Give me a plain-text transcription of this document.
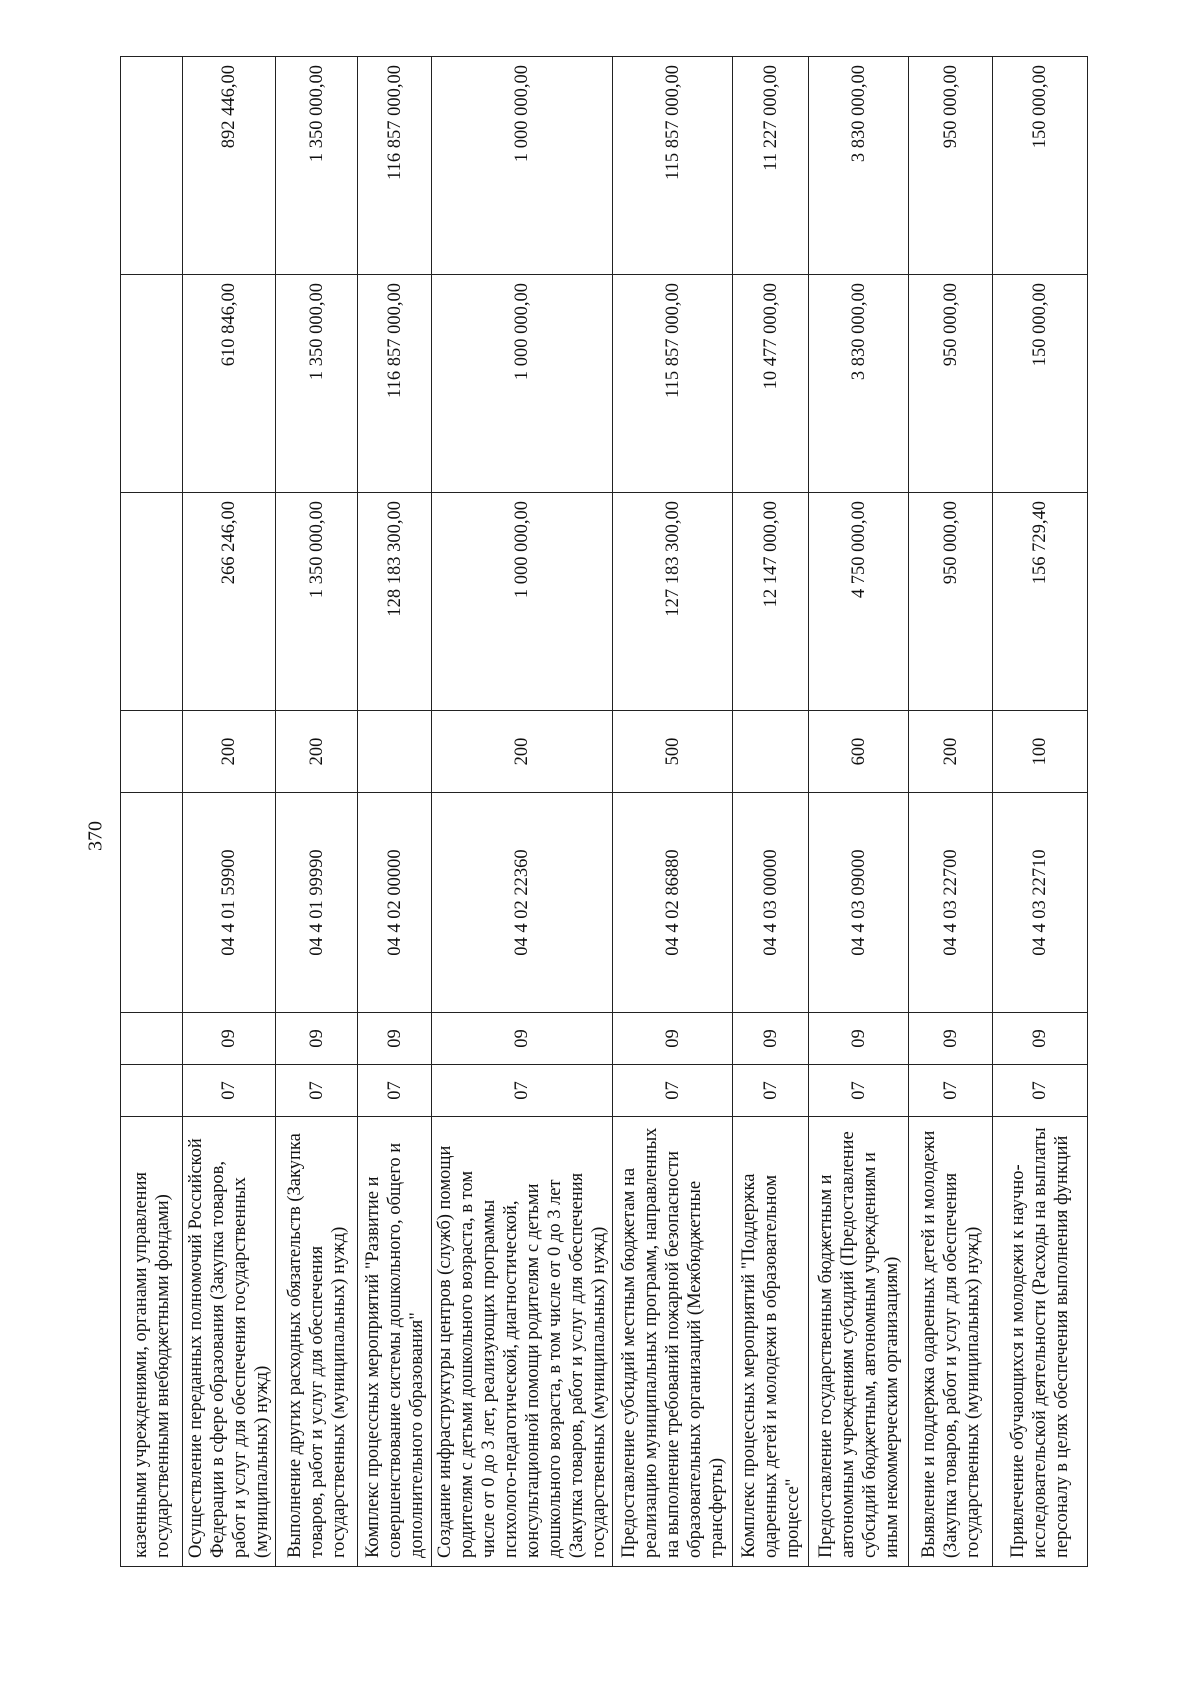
370
казенными учреждениями, органами управления государственными внебюджетными фондами)							
Осуществление переданных полномочий Российской Федерации в сфере образования (Закупка товаров, работ и услуг для обеспечения государственных (муниципальных) нужд)	07	09	04 4 01 59900	200	266 246,00	610 846,00	892 446,00
Выполнение других расходных обязательств (Закупка товаров, работ и услуг для обеспечения государственных (муниципальных) нужд)	07	09	04 4 01 99990	200	1 350 000,00	1 350 000,00	1 350 000,00
Комплекс процессных мероприятий "Развитие и совершенствование системы дошкольного, общего и дополнительного образования"	07	09	04 4 02 00000		128 183 300,00	116 857 000,00	116 857 000,00
Создание инфраструктуры центров (служб) помощи родителям с детьми дошкольного возраста, в том числе от 0 до 3 лет, реализующих программы психолого-педагогической, диагностической, консультационной помощи родителям с детьми дошкольного возраста, в том числе от 0 до 3 лет (Закупка товаров, работ и услуг для обеспечения государственных (муниципальных) нужд)	07	09	04 4 02 22360	200	1 000 000,00	1 000 000,00	1 000 000,00
Предоставление субсидий местным бюджетам на реализацию муниципальных программ, направленных на выполнение требований пожарной безопасности образовательных организаций (Межбюджетные трансферты)	07	09	04 4 02 86880	500	127 183 300,00	115 857 000,00	115 857 000,00
Комплекс процессных мероприятий "Поддержка одаренных детей и молодежи в образовательном процессе"	07	09	04 4 03 00000		12 147 000,00	10 477 000,00	11 227 000,00
Предоставление государственным бюджетным и автономным учреждениям субсидий (Предоставление субсидий бюджетным, автономным учреждениям и иным некоммерческим организациям)	07	09	04 4 03 09000	600	4 750 000,00	3 830 000,00	3 830 000,00
Выявление и поддержка одаренных детей и молодежи (Закупка товаров, работ и услуг для обеспечения государственных (муниципальных) нужд)	07	09	04 4 03 22700	200	950 000,00	950 000,00	950 000,00
Привлечение обучающихся и молодежи к научно-исследовательской деятельности (Расходы на выплаты персоналу в целях обеспечения выполнения функций	07	09	04 4 03 22710	100	156 729,40	150 000,00	150 000,00
